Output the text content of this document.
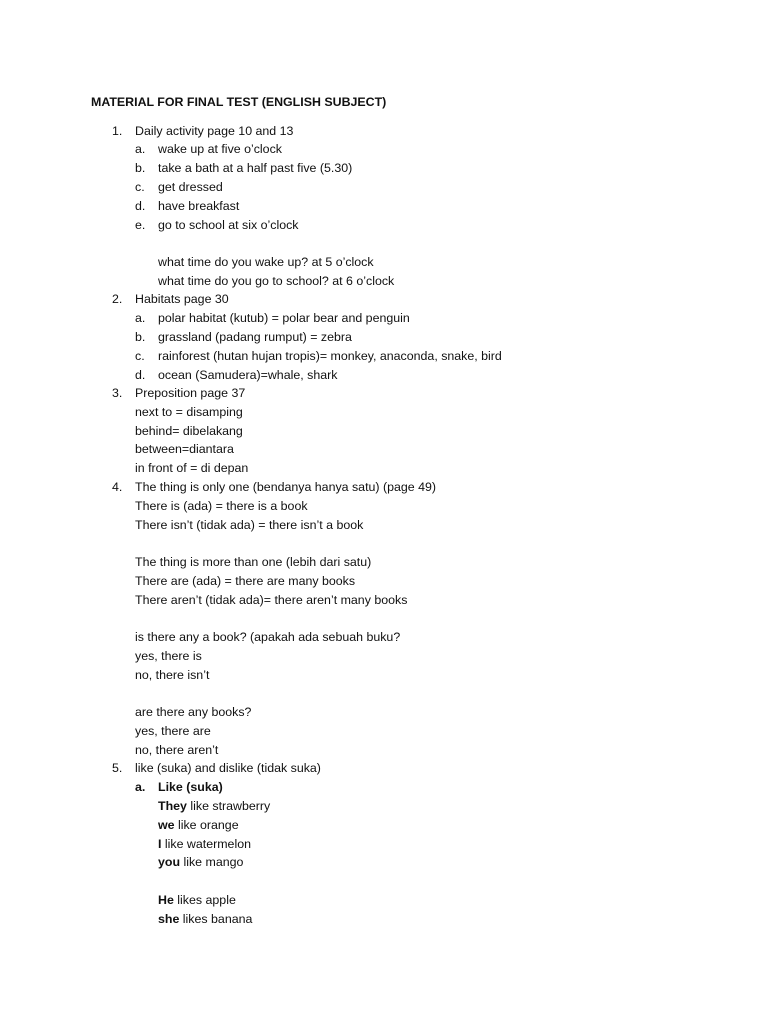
MATERIAL FOR FINAL TEST (ENGLISH SUBJECT)
1. Daily activity page 10 and 13
a. wake up at five o’clock
b. take a bath at a half past five (5.30)
c. get dressed
d. have breakfast
e. go to school at six o’clock
what time do you wake up? at 5 o’clock
what time do you go to school? at 6 o’clock
2. Habitats page 30
a. polar habitat (kutub) = polar bear and penguin
b. grassland (padang rumput) = zebra
c. rainforest (hutan hujan tropis)= monkey, anaconda, snake, bird
d. ocean (Samudera)=whale, shark
3. Preposition page 37
next to = disamping
behind= dibelakang
between=diantara
in front of = di depan
4. The thing is only one (bendanya hanya satu) (page 49)
There is (ada) = there is a book
There isn’t (tidak ada) = there isn’t a book
The thing is more than one (lebih dari satu)
There are (ada) = there are many books
There aren’t (tidak ada)= there aren’t many books
is there any a book? (apakah ada sebuah buku?
yes, there is
no, there isn’t
are there any books?
yes, there are
no, there aren’t
5. like (suka) and dislike (tidak suka)
a. Like (suka)
They like strawberry
we like orange
I like watermelon
you like mango
He likes apple
she likes banana
